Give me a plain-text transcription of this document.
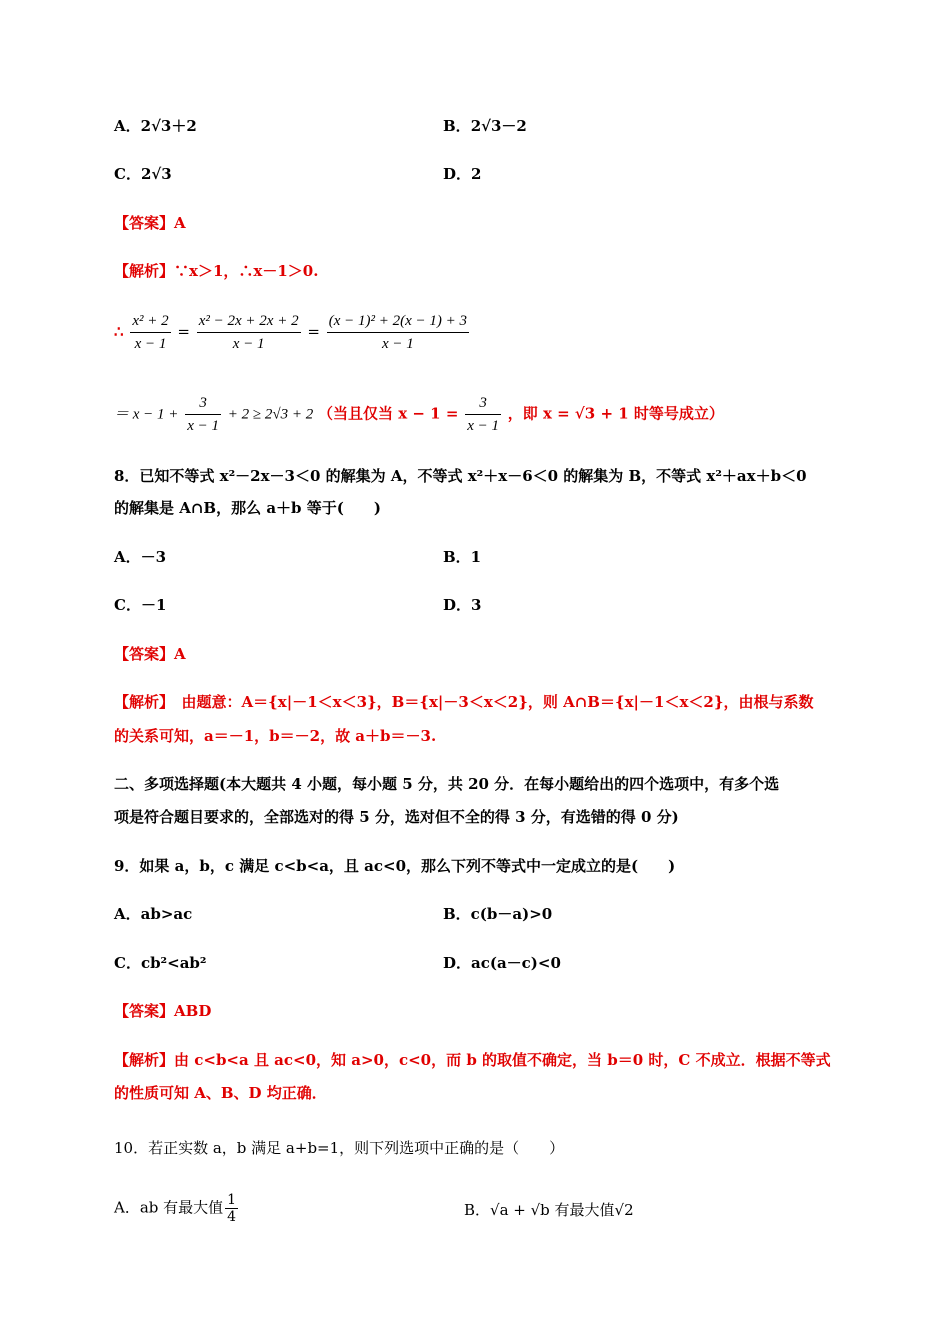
A．2√3＋2	B．2√3－2
C．2√3	D．2
【答案】A
【解析】∵x＞1，∴x－1＞0.
∴ $\frac{\text{x² + 2}}{x - 1} = \frac{\text{x² − 2x + 2x + 2}}{x - 1} = \frac{\text{(x − 1)² + 2(x − 1) + 3}}{x - 1}$
＝ $x - 1 + \frac{3}{x - 1} + 2 \ge 2√3 + 2$ （当且仅当 $x - 1 = \frac{3}{x - 1}$ ，即 x = √3 + 1 时等号成立）
8．已知不等式 x²－2x－3＜0 的解集为 A，不等式 x²＋x－6＜0 的解集为 B，不等式 x²＋ax＋b＜0
的解集是 A∩B，那么 a＋b 等于(　　)
A．－3	B．1
C．－1	D．3
【答案】A
【解析】　由题意：A＝{x|－1＜x＜3}，B＝{x|－3＜x＜2}，则 A∩B＝{x|－1＜x＜2}，由根与系数
的关系可知，a＝－1，b＝－2，故 a＋b＝－3.
二、多项选择题(本大题共 4 小题，每小题 5 分，共 20 分．在每小题给出的四个选项中，有多个选
项是符合题目要求的，全部选对的得 5 分，选对但不全的得 3 分，有选错的得 0 分)
9．如果 a，b，c 满足 c<b<a，且 ac<0，那么下列不等式中一定成立的是(　　)
A．ab>ac	B．c(b－a)>0
C．cb²<ab²	D．ac(a－c)<0
【答案】ABD
【解析】由 c<b<a 且 ac<0，知 a>0，c<0，而 b 的取值不确定，当 b＝0 时，C 不成立．根据不等式
的性质可知 A、B、D 均正确．
10．若正实数 a，b 满足 a+b=1，则下列选项中正确的是（　　）
A．ab 有最大值 $\frac{1}{4}$	B．√a + √b 有最大值√2
